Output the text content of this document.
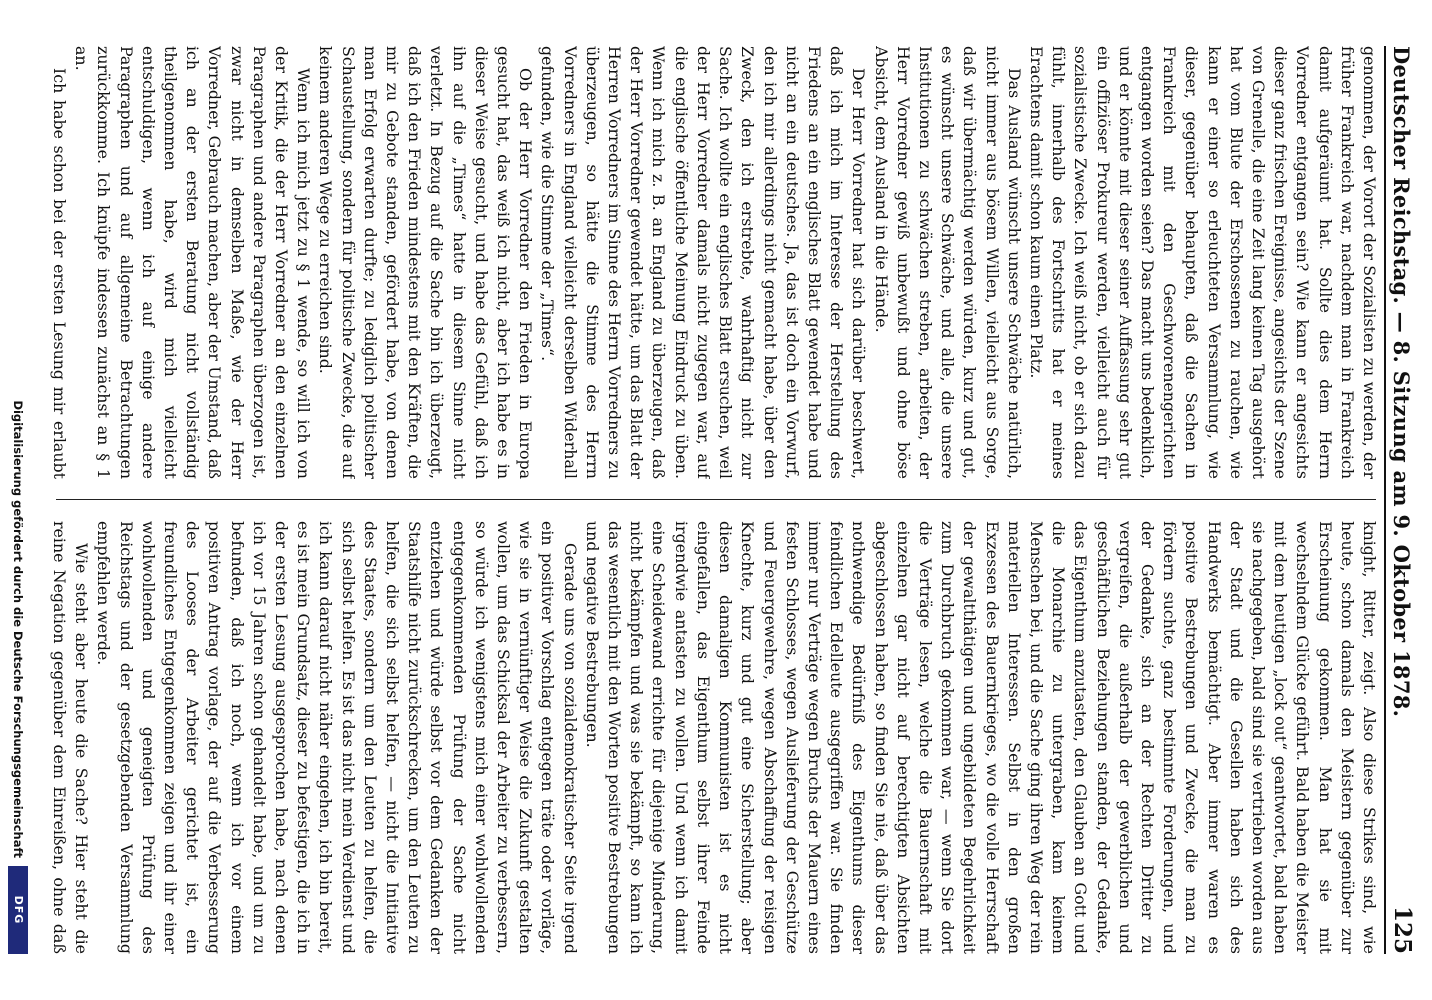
Deutscher Reichstag. — 8. Sitzung am 9. Oktober 1878.
125

genommen, der Vorort der Sozialisten zu werden, der früher Frankreich war, nachdem man in Frankreich damit aufgeräumt hat. Sollte dies dem Herrn Vorredner entgangen sein? Wie kann er angesichts dieser ganz frischen Ereignisse, angesichts der Szene von Grenelle, die eine Zeit lang keinen Tag ausgehört hat vom Blute der Erschossenen zu rauchen, wie kann er einer so erleuchteten Versammlung, wie dieser, gegenüber behaupten, daß die Sachen in Frankreich mit den Geschworenengerichten entgangen worden seien? Das macht uns bedenklich, und er könnte mit dieser seiner Auffassung sehr gut ein offiziöser Prokureur werden, vielleicht auch für sozialistische Zwecke. Ich weiß nicht, ob er sich dazu fühlt, innerhalb des Fortschritts hat er meines Erachtens damit schon kaum einen Platz.

Das Ausland wünscht unsere Schwäche natürlich, nicht immer aus bösem Willen, vielleicht aus Sorge, daß wir übermächtig werden würden, kurz und gut, es wünscht unsere Schwäche, und alle, die unsere Institutionen zu schwächen streben, arbeiten, der Herr Vorredner gewiß unbewußt und ohne böse Absicht, dem Ausland in die Hände.

Der Herr Vorredner hat sich darüber beschwert, daß ich mich im Interesse der Herstellung des Friedens an ein englisches Blatt gewendet habe und nicht an ein deutsches. Ja, das ist doch ein Vorwurf, den ich mir allerdings nicht gemacht habe, über den Zweck, den ich erstrebte, wahrhaftig nicht zur Sache. Ich wollte ein englisches Blatt ersuchen, weil der Herr Vorredner damals nicht zugegen war, auf die englische öffentliche Meinung Eindruck zu üben. Wenn ich mich z. B. an England zu überzeugen, daß der Herr Vorredner gewendet hätte, um das Blatt der Herren Vorredners im Sinne des Herrn Vorredners zu überzeugen, so hätte die Stimme des Herrn Vorredners in England vielleicht derselben Widerhall gefunden, wie die Stimme der „Times“.

Ob der Herr Vorredner den Frieden in Europa gesucht hat, das weiß ich nicht, aber ich habe es in dieser Weise gesucht, und habe das Gefühl, daß ich ihn auf die „Times“ hatte in diesem Sinne nicht verletzt. In Bezug auf die Sache bin ich überzeugt, daß ich den Frieden mindestens mit den Kräften, die mir zu Gebote standen, gefördert habe, von denen man Erfolg erwarten durfte; zu lediglich politischer Schaustellung, sondern für politische Zwecke, die auf keinem anderen Wege zu erreichen sind.

Wenn ich mich jetzt zu § 1 wende, so will ich von der Kritik, die der Herr Vorredner an den einzelnen Paragraphen und andere Paragraphen überzogen ist, zwar nicht in demselben Maße, wie der Herr Vorredner, Gebrauch machen, aber der Umstand, daß ich an der ersten Beratung nicht vollständig theilgenommen habe, wird mich vielleicht entschuldigen, wenn ich auf einige andere Paragraphen und auf allgemeine Betrachtungen zurückkomme. Ich knüpfe indessen zunächst an § 1 an.

Ich habe schon bei der ersten Lesung mir erlaubt

knight, Ritter, zeigt. Also diese Strikes sind, wie heute, schon damals den Meistern gegenüber zur Erscheinung gekommen. Man hat sie mit wechselndem Glücke geführt. Bald haben die Meister mit dem heutigen „lock out“ geantwortet, bald haben sie nachgegeben, bald sind sie vertrieben worden aus der Stadt und die Gesellen haben sich des Handwerks bemächtigt. Aber immer waren es positive Bestrebungen und Zwecke, die man zu fördern suchte, ganz bestimmte Forderungen, und der Gedanke, sich an der Rechten Dritter zu vergreifen, die außerhalb der gewerblichen und geschäftlichen Beziehungen standen, der Gedanke, das Eigenthum anzutasten, den Glauben an Gott und die Monarchie zu untergraben, kam keinem Menschen bei, und die Sache ging ihren Weg der rein materiellen Interessen. Selbst in den großen Exzessen des Bauernkrieges, wo die volle Herrschaft der gewaltthätigen und ungebildeten Begehrlichkeit zum Durchbruch gekommen war, — wenn Sie dort die Verträge lesen, welche die Bauernschaft mit einzelnen gar nicht auf berechtigten Absichten abgeschlossen haben, so finden Sie nie, daß über das nothwendige Bedürfniß des Eigenthums dieser feindlichen Edelleute ausgegriffen war. Sie finden immer nur Verträge wegen Bruchs der Mauern eines festen Schlosses, wegen Auslieferung der Geschütze und Feuergewehre, wegen Abschaffung der reisigen Knechte, kurz und gut eine Sicherstellung; aber diesen damaligen Kommunisten ist es nicht eingefallen, das Eigenthum selbst ihrer Feinde irgendwie antasten zu wollen. Und wenn ich damit eine Scheidewand errichte für diejenige Minderung, nicht bekämpfen und was sie bekämpft, so kann ich das wesentlich mit den Worten positive Bestrebungen und negative Bestrebungen.

Gerade uns von sozialdemokratischer Seite irgend ein positiver Vorschlag entgegen träte oder vorläge, wie sie in vernünftiger Weise die Zukunft gestalten wollen, um das Schicksal der Arbeiter zu verbessern, so würde ich wenigstens mich einer wohlwollenden entgegenkommenden Prüfung der Sache nicht entziehen und würde selbst vor dem Gedanken der Staatshilfe nicht zurückschrecken, um den Leuten zu helfen, die sich selbst helfen, — nicht die Initiative des Staates, sondern um den Leuten zu helfen, die sich selbst helfen. Es ist das nicht mein Verdienst und ich kann darauf nicht näher eingehen, ich bin bereit, es ist mein Grundsatz, dieser zu befestigen, die ich in der ersten Lesung ausgesprochen habe, nach denen ich vor 15 Jahren schon gehandelt habe, und um zu befunden, daß ich noch, wenn ich vor einem positiven Antrag vorlage, der auf die Verbesserung des Looses der Arbeiter gerichtet ist, ein freundliches Entgegenkommen zeigen und ihr einer wohlwollenden und geneigten Prüfung des Reichstags und der gesetzgebenden Versammlung empfehlen werde.

Wie steht aber heute die Sache? Hier steht die reine Negation gegenüber dem Einreißen, ohne daß

Digitalisierung gefördert durch die Deutsche Forschungsgemeinschaft
DFG
